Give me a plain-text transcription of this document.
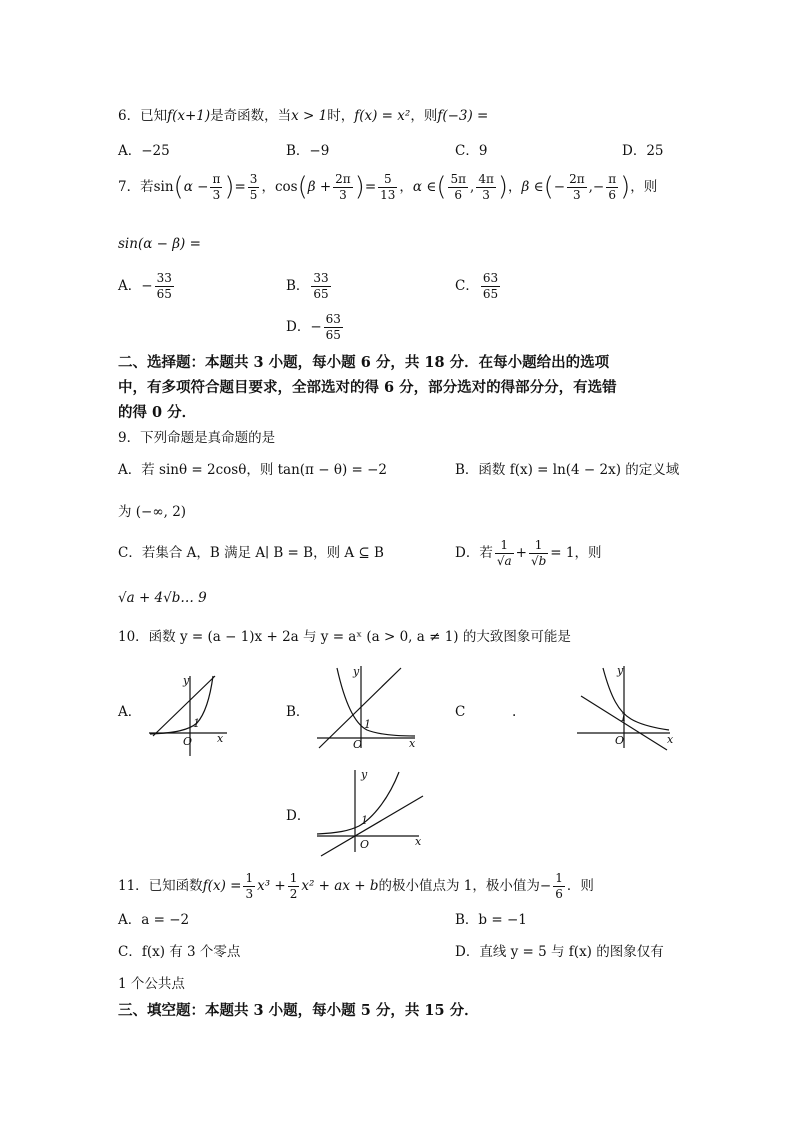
6．已知f(x+1)是奇函数，当x > 1时，f(x) = x²，则f(−3) =
A．−25	B．−9	C．9	D．25
7．若$\sin(\alpha - \frac{\pi}{3}$ )= $\frac{3}{5}$ ，$\cos(\beta + \frac{2\pi}{3}$ )= $\frac{5}{13}$ ，α ∈( $\frac{5\pi}{6}$ , $\frac{4\pi}{3}$ )，β ∈(− $\frac{2\pi}{3}$ ,− $\frac{\pi}{6}$ )，则
sin(α − β) =
A．− $\frac{33}{65}$	B． $\frac{33}{65}$	C． $\frac{63}{65}$
D．− $\frac{63}{65}$
二、选择题：本题共 3 小题，每小题 6 分，共 18 分．在每小题给出的选项
中，有多项符合题目要求，全部选对的得 6 分，部分选对的得部分分，有选错
的得 0 分．
9．下列命题是真命题的是
A．若 sinθ = 2cosθ，则 tan(π − θ) = −2	B．函数 f(x) = ln(4 − 2x) 的定义域
为 (−∞, 2)
C．若集合 A，B 满足 A∣ B = B，则 A ⊆ B	D．若 $\frac{1}{√a} + \frac{1}{√b} = 1$，则
√a + 4√b… 9
10．函数 y = (a − 1)x + 2a 与 y = aˣ (a > 0, a ≠ 1) 的大致图象可能是
A．	B．	C	.
D．
y
x
O
1
y
x
O
1
y
x
O
1
y
x
O
1
11．已知函数$f(x) = \frac{1}{3} x^3 + \frac{1}{2} x^2$ + ax + b的极小值点为 1，极小值为− $\frac{1}{6}$ ．则
A．a = −2	B．b = −1
C．f(x) 有 3 个零点	D．直线 y = 5 与 f(x) 的图象仅有
1 个公共点
三、填空题：本题共 3 小题，每小题 5 分，共 15 分．
